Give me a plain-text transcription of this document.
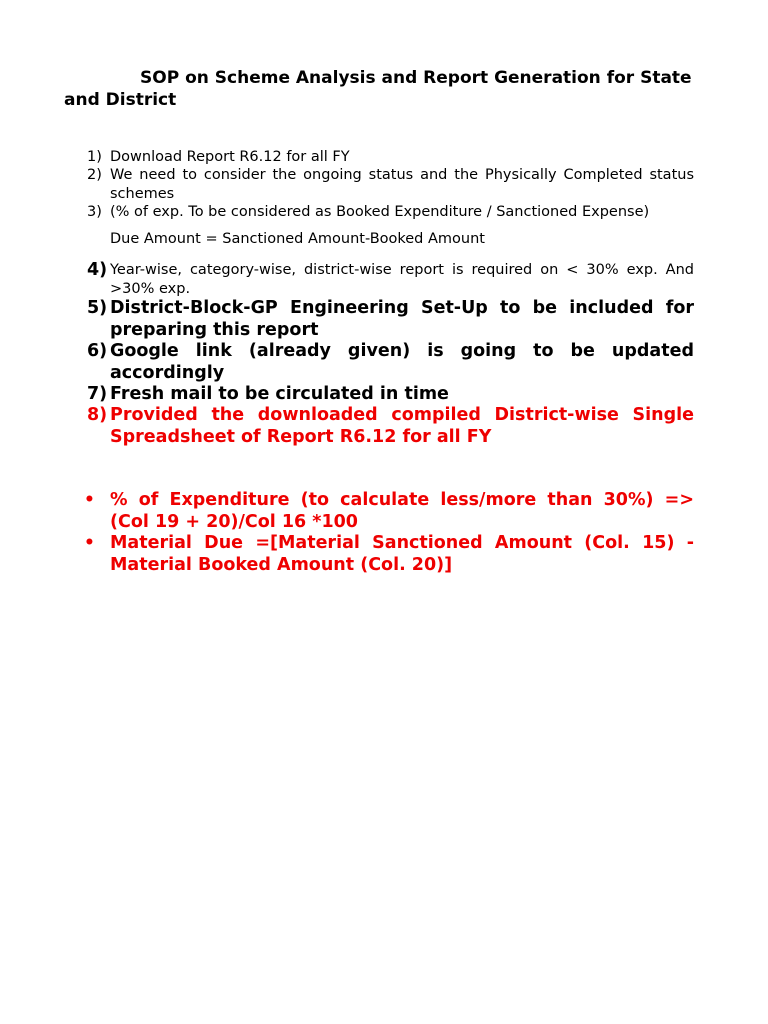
SOP on Scheme Analysis and Report Generation for State and District
1) Download Report R6.12 for all FY
2) We need to consider the ongoing status and the Physically Completed status schemes
3) (% of exp. To be considered as Booked Expenditure / Sanctioned Expense)
Due Amount = Sanctioned Amount-Booked Amount
4) Year-wise, category-wise, district-wise report is required on < 30% exp. And >30% exp.
5) District-Block-GP Engineering Set-Up to be included for preparing this report
6) Google link (already given) is going to be updated accordingly
7) Fresh mail to be circulated in time
8) Provided the downloaded compiled District-wise Single Spreadsheet of Report R6.12 for all FY
• % of Expenditure (to calculate less/more than 30%) => (Col 19 + 20)/Col 16 *100
• Material Due =[Material Sanctioned Amount (Col. 15) - Material Booked Amount (Col. 20)]
